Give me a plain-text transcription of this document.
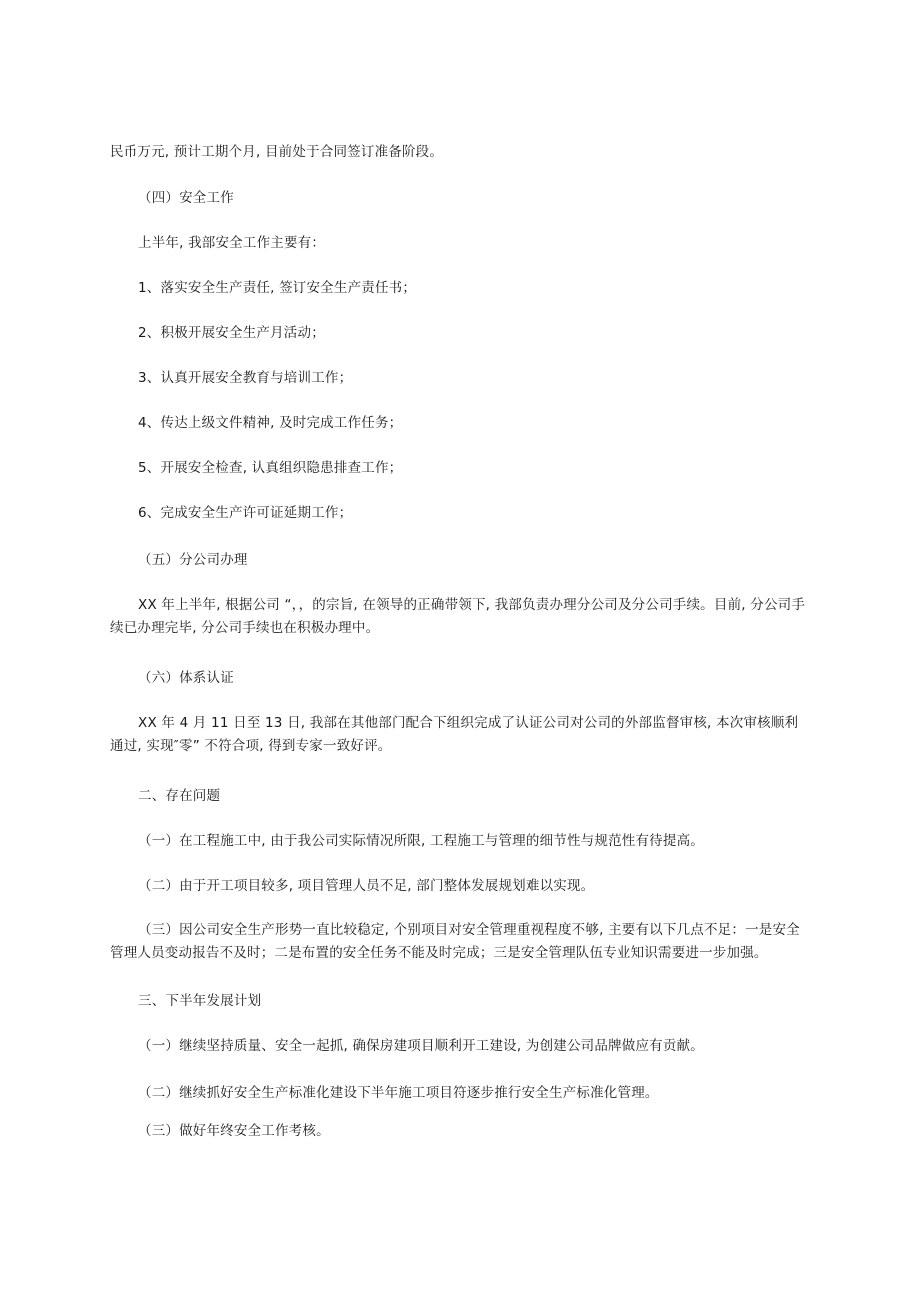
民币万元, 预计工期个月, 目前处于合同签订准备阶段。

（四）安全工作

上半年, 我部安全工作主要有：

1、落实安全生产责任, 签订安全生产责任书；

2、积极开展安全生产月活动；

3、认真开展安全教育与培训工作；

4、传达上级文件精神, 及时完成工作任务；

5、开展安全检查, 认真组织隐患排查工作；

6、完成安全生产许可证延期工作；

（五）分公司办理

XX 年上半年, 根据公司 “，，的宗旨, 在领导的正确带领下, 我部负责办理分公司及分公司手续。目前, 分公司手续已办理完毕, 分公司手续也在积极办理中。

（六）体系认证

XX 年 4 月 11 日至 13 日, 我部在其他部门配合下组织完成了认证公司对公司的外部监督审核, 本次审核顺利通过, 实现″零” 不符合项, 得到专家一致好评。

二、存在问题

（一）在工程施工中, 由于我公司实际情况所限, 工程施工与管理的细节性与规范性有待提高。

（二）由于开工项目较多, 项目管理人员不足, 部门整体发展规划难以实现。

（三）因公司安全生产形势一直比较稳定, 个别项目对安全管理重视程度不够, 主要有以下几点不足：一是安全管理人员变动报告不及时；二是布置的安全任务不能及时完成；三是安全管理队伍专业知识需要进一步加强。

三、下半年发展计划

（一）继续坚持质量、安全一起抓, 确保房建项目顺利开工建设, 为创建公司品牌做应有贡献。

（二）继续抓好安全生产标准化建设下半年施工项目符逐步推行安全生产标准化管理。

（三）做好年终安全工作考核。
